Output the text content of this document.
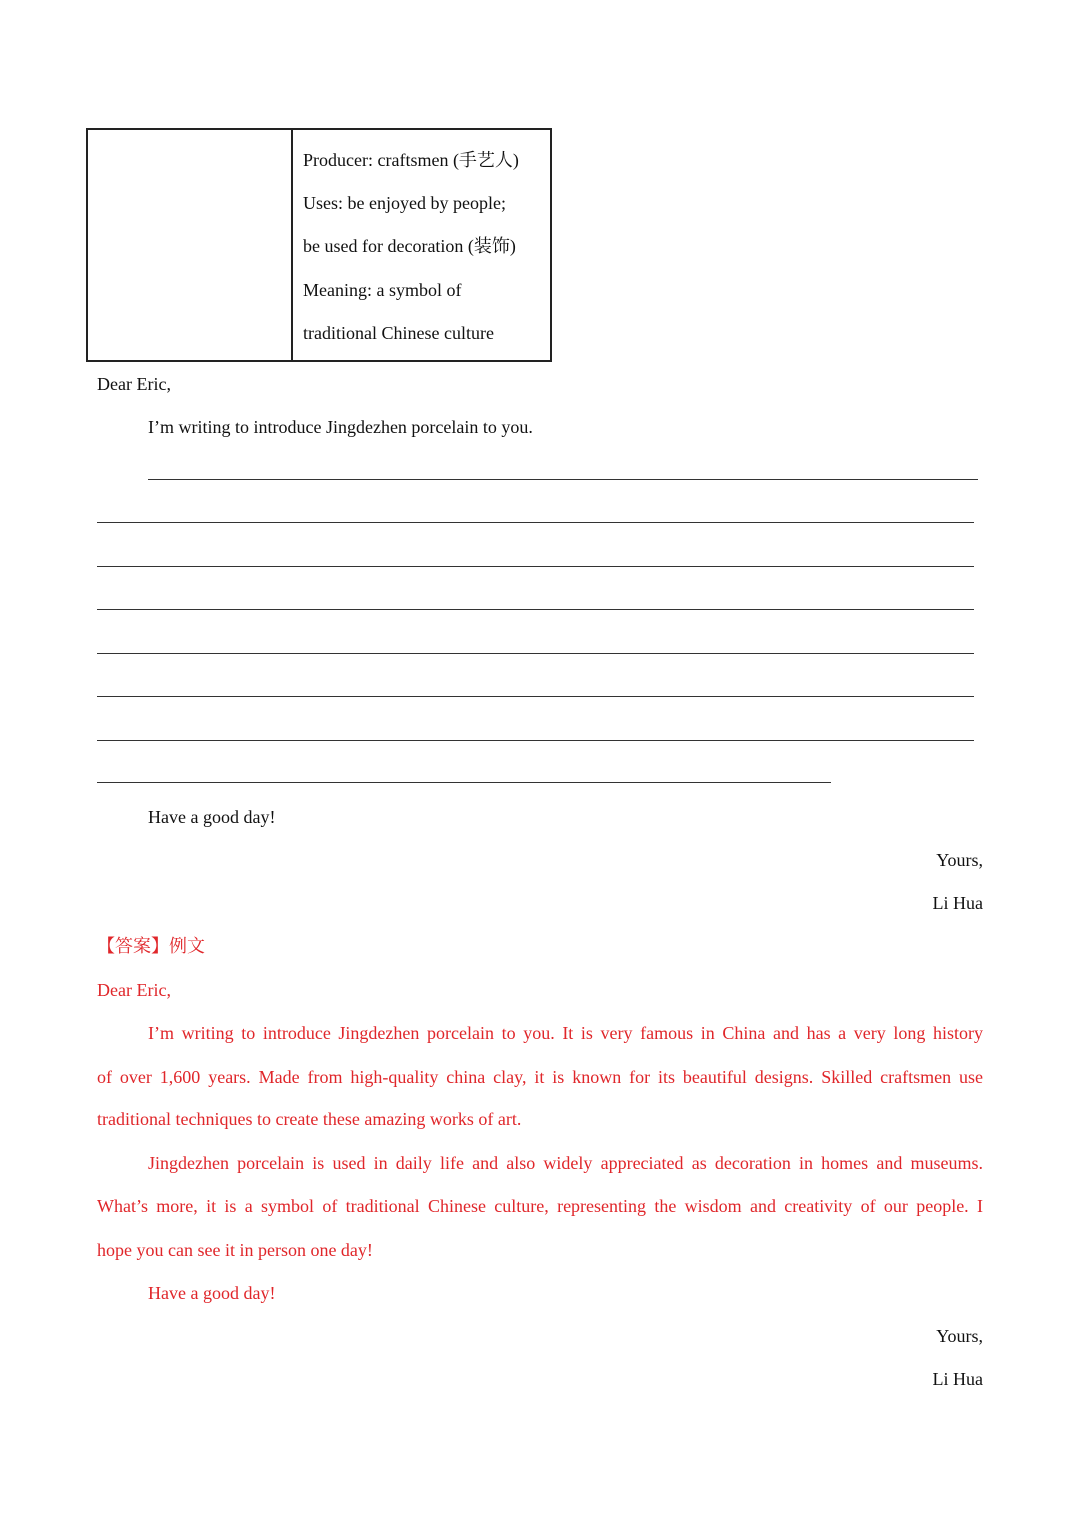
Producer: craftsmen (手艺人)
Uses: be enjoyed by people;
be used for decoration (装饰)
Meaning: a symbol of
traditional Chinese culture
Dear Eric,
I’m writing to introduce Jingdezhen porcelain to you.
Have a good day!
Yours,
Li Hua
【答案】例文
Dear Eric,
I’m writing to introduce Jingdezhen porcelain to you. It is very famous in China and has a very long history
of over 1,600 years. Made from high-quality china clay, it is known for its beautiful designs. Skilled craftsmen use
traditional techniques to create these amazing works of art.
Jingdezhen porcelain is used in daily life and also widely appreciated as decoration in homes and museums.
What’s more, it is a symbol of traditional Chinese culture, representing the wisdom and creativity of our people. I
hope you can see it in person one day!
Have a good day!
Yours,
Li Hua
